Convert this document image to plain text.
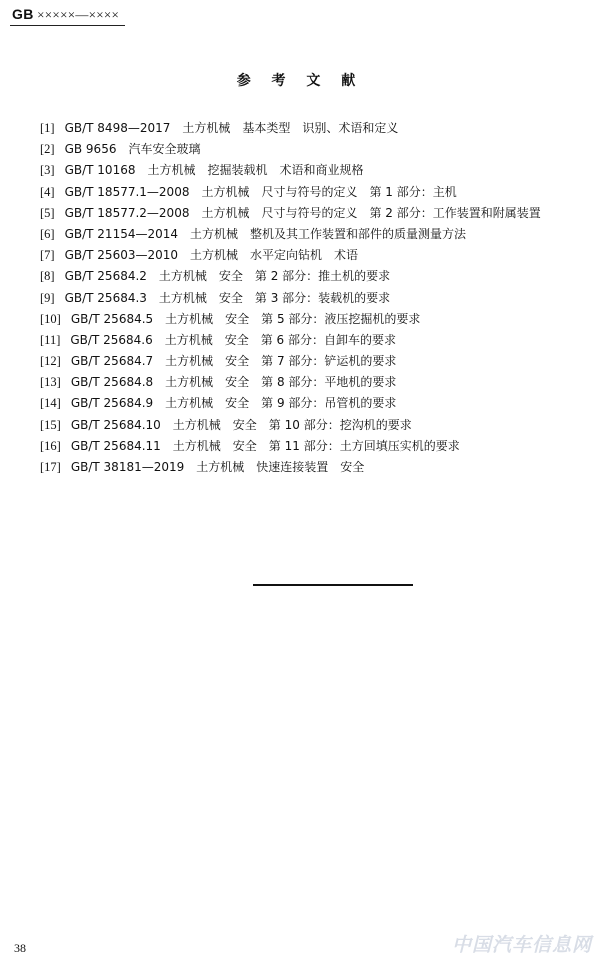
GB ×××××—××××
参 考 文 献
[1] GB/T 8498—2017　土方机械　基本类型　识别、术语和定义
[2] GB 9656　汽车安全玻璃
[3] GB/T 10168　土方机械　挖掘装载机　术语和商业规格
[4] GB/T 18577.1—2008　土方机械　尺寸与符号的定义　第 1 部分：主机
[5] GB/T 18577.2—2008　土方机械　尺寸与符号的定义　第 2 部分：工作装置和附属装置
[6] GB/T 21154—2014　土方机械　整机及其工作装置和部件的质量测量方法
[7] GB/T 25603—2010　土方机械　水平定向钻机　术语
[8] GB/T 25684.2　土方机械　安全　第 2 部分：推土机的要求
[9] GB/T 25684.3　土方机械　安全　第 3 部分：装载机的要求
[10] GB/T 25684.5　土方机械　安全　第 5 部分：液压挖掘机的要求
[11] GB/T 25684.6　土方机械　安全　第 6 部分：自卸车的要求
[12] GB/T 25684.7　土方机械　安全　第 7 部分：铲运机的要求
[13] GB/T 25684.8　土方机械　安全　第 8 部分：平地机的要求
[14] GB/T 25684.9　土方机械　安全　第 9 部分：吊管机的要求
[15] GB/T 25684.10　土方机械　安全　第 10 部分：挖沟机的要求
[16] GB/T 25684.11　土方机械　安全　第 11 部分：土方回填压实机的要求
[17] GB/T 38181—2019　土方机械　快速连接装置　安全
38	中国汽车信息网
